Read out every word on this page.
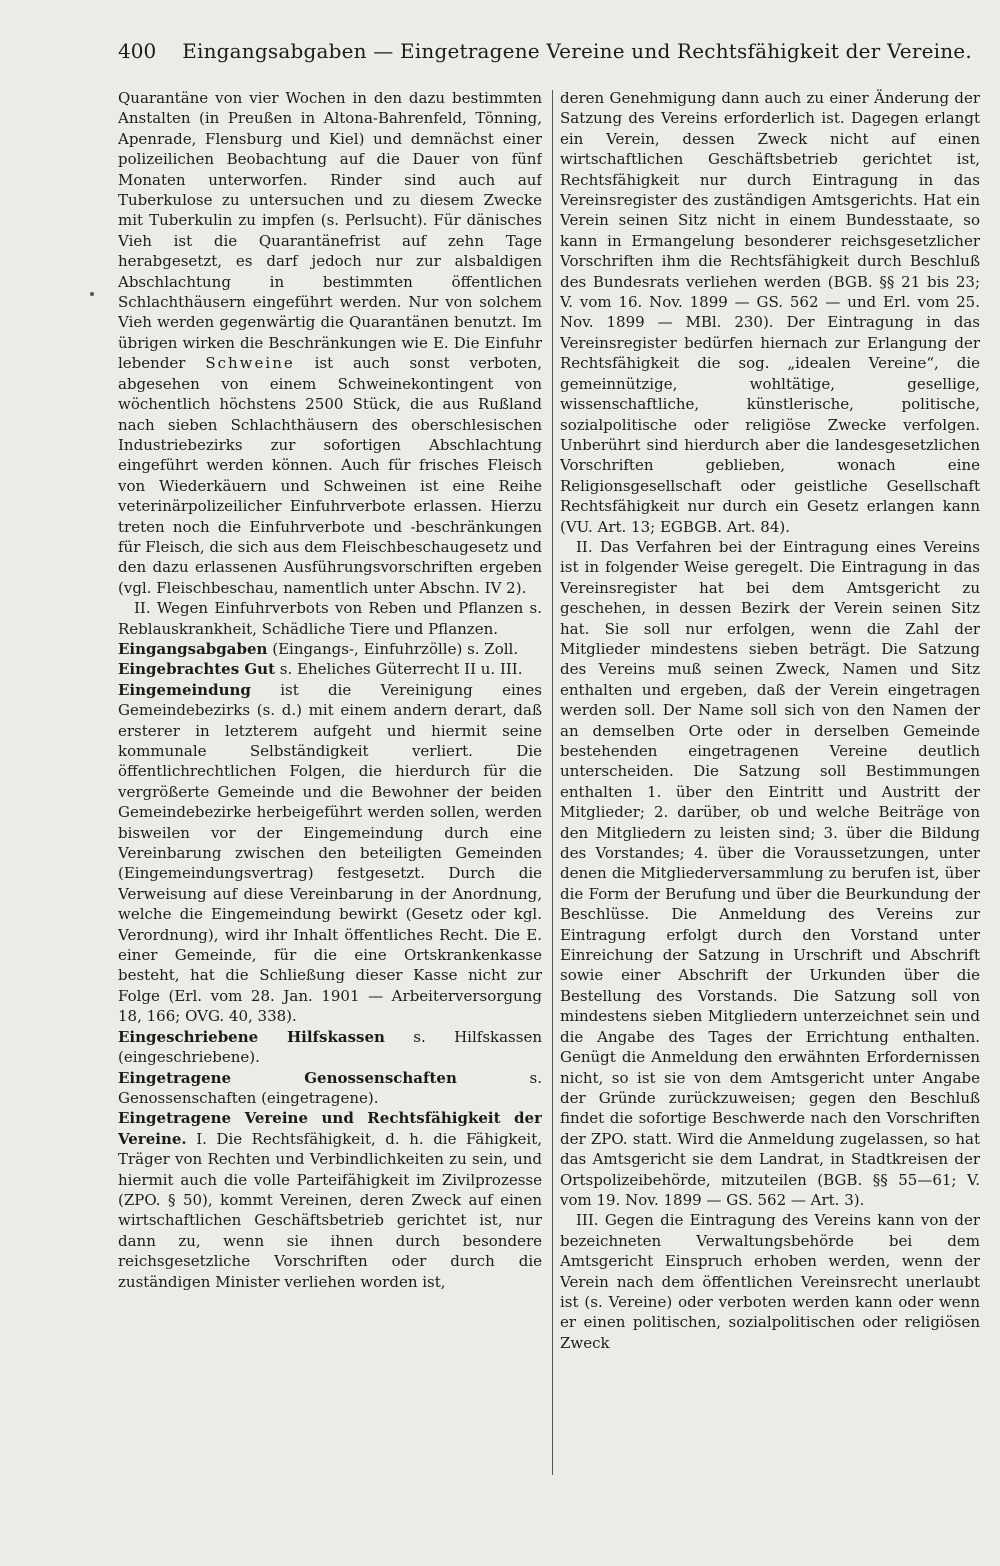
400 Eingangsabgaben — Eingetragene Vereine und Rechtsfähigkeit der Vereine.

Quarantäne von vier Wochen in den dazu bestimmten Anstalten (in Preußen in Altona-Bahrenfeld, Tönning, Apenrade, Flensburg und Kiel) und demnächst einer polizeilichen Beobachtung auf die Dauer von fünf Monaten unterworfen. Rinder sind auch auf Tuberkulose zu untersuchen und zu diesem Zwecke mit Tuberkulin zu impfen (s. Perlsucht). Für dänisches Vieh ist die Quarantänefrist auf zehn Tage herabgesetzt, es darf jedoch nur zur alsbaldigen Abschlachtung in bestimmten öffentlichen Schlachthäusern eingeführt werden. Nur von solchem Vieh werden gegenwärtig die Quarantänen benutzt. Im übrigen wirken die Beschränkungen wie E. Die Einfuhr lebender Schweine ist auch sonst verboten, abgesehen von einem Schweinekontingent von wöchentlich höchstens 2500 Stück, die aus Rußland nach sieben Schlachthäusern des oberschlesischen Industriebezirks zur sofortigen Abschlachtung eingeführt werden können. Auch für frisches Fleisch von Wiederkäuern und Schweinen ist eine Reihe veterinärpolizeilicher Einfuhrverbote erlassen. Hierzu treten noch die Einfuhrverbote und -beschränkungen für Fleisch, die sich aus dem Fleischbeschaugesetz und den dazu erlassenen Ausführungsvorschriften ergeben (vgl. Fleischbeschau, namentlich unter Abschn. IV 2).

II. Wegen Einfuhrverbots von Reben und Pflanzen s. Reblauskrankheit, Schädliche Tiere und Pflanzen.

Eingangsabgaben (Eingangs-, Einfuhrzölle) s. Zoll.

Eingebrachtes Gut s. Eheliches Güterrecht II u. III.

Eingemeindung ist die Vereinigung eines Gemeindebezirks (s. d.) mit einem andern derart, daß ersterer in letzterem aufgeht und hiermit seine kommunale Selbständigkeit verliert. Die öffentlichrechtlichen Folgen, die hierdurch für die vergrößerte Gemeinde und die Bewohner der beiden Gemeindebezirke herbeigeführt werden sollen, werden bisweilen vor der Eingemeindung durch eine Vereinbarung zwischen den beteiligten Gemeinden (Eingemeindungsvertrag) festgesetzt. Durch die Verweisung auf diese Vereinbarung in der Anordnung, welche die Eingemeindung bewirkt (Gesetz oder kgl. Verordnung), wird ihr Inhalt öffentliches Recht. Die E. einer Gemeinde, für die eine Ortskrankenkasse besteht, hat die Schließung dieser Kasse nicht zur Folge (Erl. vom 28. Jan. 1901 — Arbeiterversorgung 18, 166; OVG. 40, 338).

Eingeschriebene Hilfskassen s. Hilfskassen (eingeschriebene).

Eingetragene Genossenschaften	s. Genossenschaften (eingetragene).

Eingetragene Vereine und Rechtsfähigkeit der Vereine. I. Die Rechtsfähigkeit, d. h. die Fähigkeit, Träger von Rechten und Verbindlichkeiten zu sein, und hiermit auch die volle Parteifähigkeit im Zivilprozesse (ZPO. § 50), kommt Vereinen, deren Zweck auf einen wirtschaftlichen Geschäftsbetrieb gerichtet ist, nur dann zu, wenn sie ihnen durch besondere reichsgesetzliche Vorschriften oder durch die zuständigen Minister verliehen worden ist,

deren Genehmigung dann auch zu einer Änderung der Satzung des Vereins erforderlich ist. Dagegen erlangt ein Verein, dessen Zweck nicht auf einen wirtschaftlichen Geschäftsbetrieb gerichtet ist, Rechtsfähigkeit nur durch Eintragung in das Vereinsregister des zuständigen Amtsgerichts. Hat ein Verein seinen Sitz nicht in einem Bundesstaate, so kann in Ermangelung besonderer reichsgesetzlicher Vorschriften ihm die Rechtsfähigkeit durch Beschluß des Bundesrats verliehen werden (BGB. §§ 21 bis 23; V. vom 16. Nov. 1899 — GS. 562 — und Erl. vom 25. Nov. 1899 — MBl. 230). Der Eintragung in das Vereinsregister bedürfen hiernach zur Erlangung der Rechtsfähigkeit die sog. „idealen Vereine“, die gemeinnützige, wohltätige, gesellige, wissenschaftliche, künstlerische, politische, sozialpolitische oder religiöse Zwecke verfolgen. Unberührt sind hierdurch aber die landesgesetzlichen Vorschriften geblieben, wonach eine Religionsgesellschaft oder geistliche Gesellschaft Rechtsfähigkeit nur durch ein Gesetz erlangen kann (VU. Art. 13; EGBGB. Art. 84).

II. Das Verfahren bei der Eintragung eines Vereins ist in folgender Weise geregelt. Die Eintragung in das Vereinsregister hat bei dem Amtsgericht zu geschehen, in dessen Bezirk der Verein seinen Sitz hat. Sie soll nur erfolgen, wenn die Zahl der Mitglieder mindestens sieben beträgt. Die Satzung des Vereins muß seinen Zweck, Namen und Sitz enthalten und ergeben, daß der Verein eingetragen werden soll. Der Name soll sich von den Namen der an demselben Orte oder in derselben Gemeinde bestehenden eingetragenen Vereine deutlich unterscheiden. Die Satzung soll Bestimmungen enthalten 1. über den Eintritt und Austritt der Mitglieder; 2. darüber, ob und welche Beiträge von den Mitgliedern zu leisten sind; 3. über die Bildung des Vorstandes; 4. über die Voraussetzungen, unter denen die Mitgliederversammlung zu berufen ist, über die Form der Berufung und über die Beurkundung der Beschlüsse. Die Anmeldung des Vereins zur Eintragung erfolgt durch den Vorstand unter Einreichung der Satzung in Urschrift und Abschrift sowie einer Abschrift der Urkunden über die Bestellung des Vorstands. Die Satzung soll von mindestens sieben Mitgliedern unterzeichnet sein und die Angabe des Tages der Errichtung enthalten. Genügt die Anmeldung den erwähnten Erfordernissen nicht, so ist sie von dem Amtsgericht unter Angabe der Gründe zurückzuweisen; gegen den Beschluß findet die sofortige Beschwerde nach den Vorschriften der ZPO. statt. Wird die Anmeldung zugelassen, so hat das Amtsgericht sie dem Landrat, in Stadtkreisen der Ortspolizeibehörde, mitzuteilen (BGB. §§ 55—61; V. vom 19. Nov. 1899 — GS. 562 — Art. 3).

III. Gegen die Eintragung des Vereins kann von der bezeichneten Verwaltungsbehörde bei dem Amtsgericht Einspruch erhoben werden, wenn der Verein nach dem öffentlichen Vereinsrecht unerlaubt ist (s. Vereine) oder verboten werden kann oder wenn er einen politischen, sozialpolitischen oder religiösen Zweck
